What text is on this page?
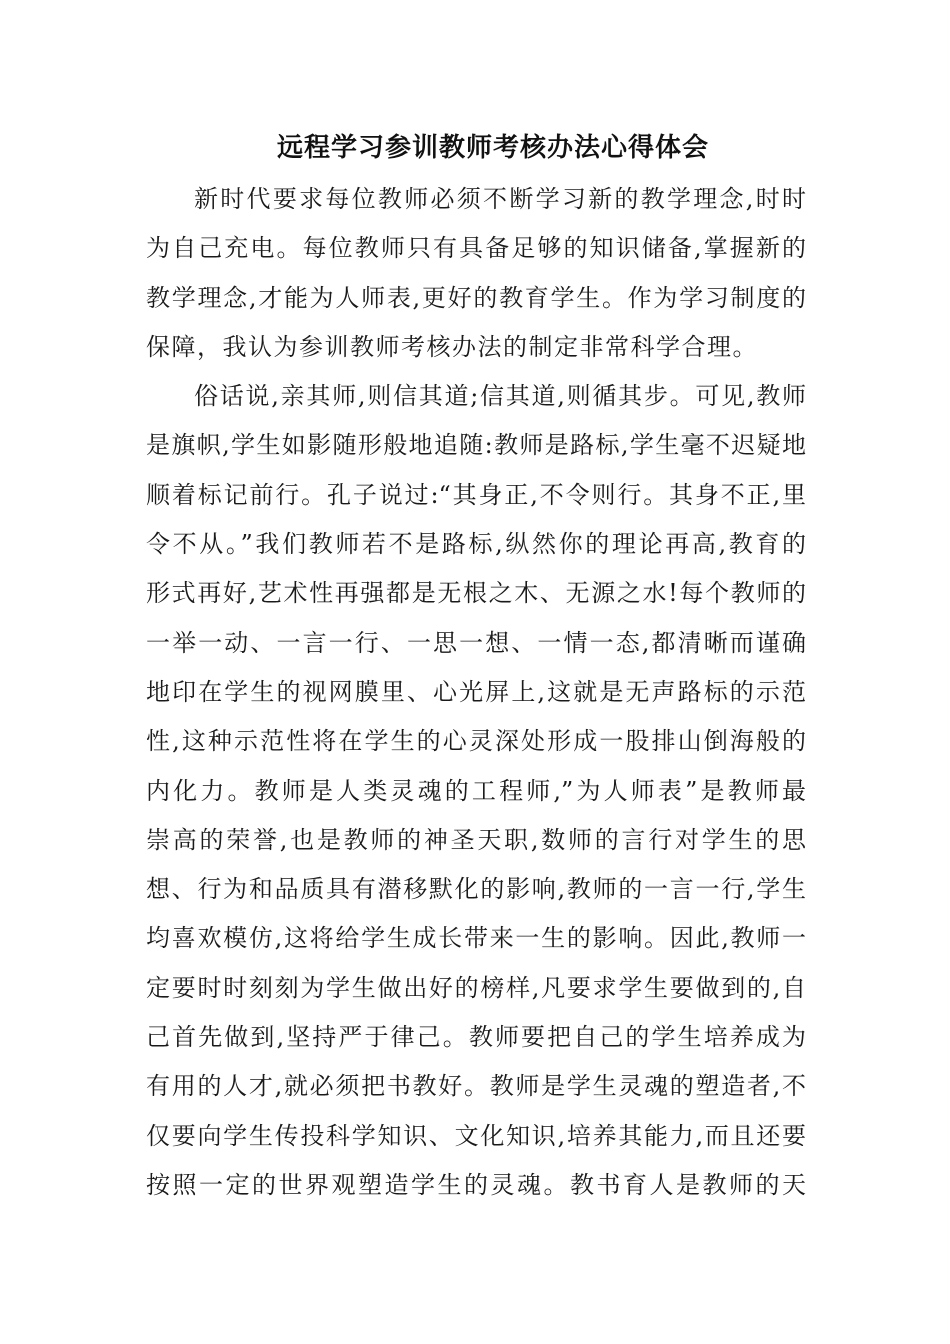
远程学习参训教师考核办法心得体会
新时代要求每位教师必须不断学习新的教学理念,时时
为自己充电。每位教师只有具备足够的知识储备,掌握新的
教学理念,才能为人师表,更好的教育学生。作为学习制度的
保障，我认为参训教师考核办法的制定非常科学合理。
俗话说,亲其师,则信其道;信其道,则循其步。可见,教师
是旗帜,学生如影随形般地追随:教师是路标,学生毫不迟疑地
顺着标记前行。孔子说过:“其身正,不令则行。其身不正,里
令不从。”我们教师若不是路标,纵然你的理论再高,教育的
形式再好,艺术性再强都是无根之木、无源之水!每个教师的
一举一动、一言一行、一思一想、一情一态,都清晰而谨确
地印在学生的视网膜里、心光屏上,这就是无声路标的示范
性,这种示范性将在学生的心灵深处形成一股排山倒海般的
内化力。教师是人类灵魂的工程师,”为人师表”是教师最
崇高的荣誉,也是教师的神圣天职,数师的言行对学生的思
想、行为和品质具有潜移默化的影响,教师的一言一行,学生
均喜欢模仿,这将给学生成长带来一生的影响。因此,教师一
定要时时刻刻为学生做出好的榜样,凡要求学生要做到的,自
己首先做到,坚持严于律己。教师要把自己的学生培养成为
有用的人才,就必须把书教好。教师是学生灵魂的塑造者,不
仅要向学生传投科学知识、文化知识,培养其能力,而且还要
按照一定的世界观塑造学生的灵魂。教书育人是教师的天
